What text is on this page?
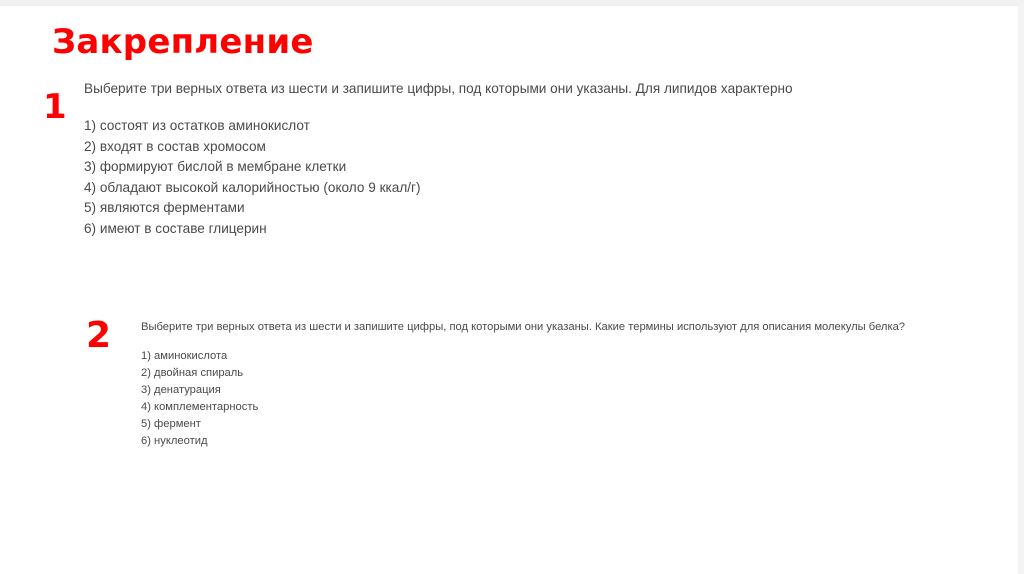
Закрепление
1 Выберите три верных ответа из шести и запишите цифры, под которыми они указаны. Для липидов характерно

1) состоят из остатков аминокислот
2) входят в состав хромосом
3) формируют бислой в мембране клетки
4) обладают высокой калорийностью (около 9 ккал/г)
5) являются ферментами
6) имеют в составе глицерин
2	Выберите три верных ответа из шести и запишите цифры, под которыми они указаны. Какие термины используют для описания молекулы белка?

1) аминокислота
2) двойная спираль
3) денатурация
4) комплементарность
5) фермент
6) нуклеотид
